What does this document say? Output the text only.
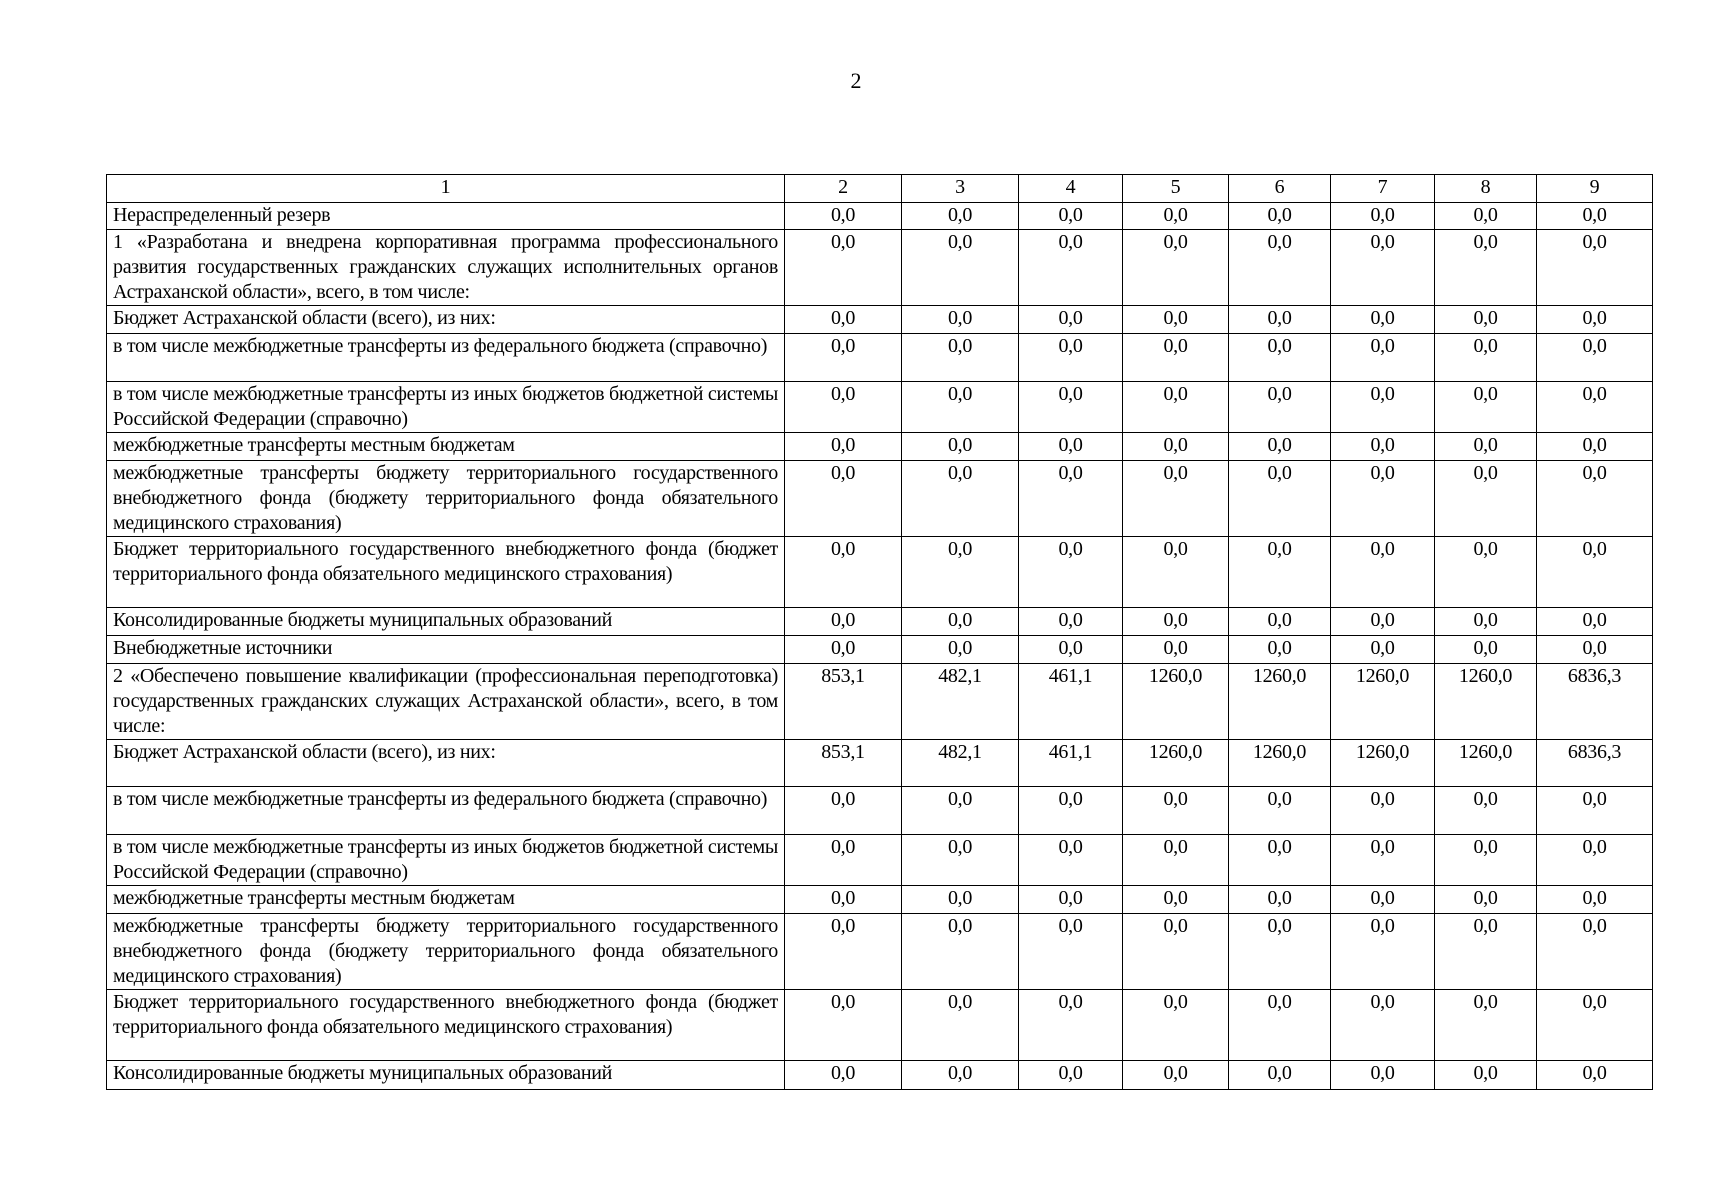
2
1	2	3	4	5	6	7	8	9
Нераспределенный резерв	0,0	0,0	0,0	0,0	0,0	0,0	0,0	0,0
1 «Разработана и внедрена корпоративная программа профессионального развития государственных гражданских служащих исполнительных органов Астраханской области», всего, в том числе:	0,0	0,0	0,0	0,0	0,0	0,0	0,0	0,0
Бюджет Астраханской области (всего), из них:	0,0	0,0	0,0	0,0	0,0	0,0	0,0	0,0
в том числе межбюджетные трансферты из федерального бюджета (справочно)	0,0	0,0	0,0	0,0	0,0	0,0	0,0	0,0
в том числе межбюджетные трансферты из иных бюджетов бюджетной системы Российской Федерации (справочно)	0,0	0,0	0,0	0,0	0,0	0,0	0,0	0,0
межбюджетные трансферты местным бюджетам	0,0	0,0	0,0	0,0	0,0	0,0	0,0	0,0
межбюджетные трансферты бюджету территориального государственного внебюджетного фонда (бюджету территориального фонда обязательного медицинского страхования)	0,0	0,0	0,0	0,0	0,0	0,0	0,0	0,0
Бюджет территориального государственного внебюджетного фонда (бюджет территориального фонда обязательного медицинского страхования)	0,0	0,0	0,0	0,0	0,0	0,0	0,0	0,0
Консолидированные бюджеты муниципальных образований	0,0	0,0	0,0	0,0	0,0	0,0	0,0	0,0
Внебюджетные источники	0,0	0,0	0,0	0,0	0,0	0,0	0,0	0,0
2 «Обеспечено повышение квалификации (профессиональная переподготовка) государственных гражданских служащих Астраханской области», всего, в том числе:	853,1	482,1	461,1	1260,0	1260,0	1260,0	1260,0	6836,3
Бюджет Астраханской области (всего), из них:	853,1	482,1	461,1	1260,0	1260,0	1260,0	1260,0	6836,3
в том числе межбюджетные трансферты из федерального бюджета (справочно)	0,0	0,0	0,0	0,0	0,0	0,0	0,0	0,0
в том числе межбюджетные трансферты из иных бюджетов бюджетной системы Российской Федерации (справочно)	0,0	0,0	0,0	0,0	0,0	0,0	0,0	0,0
межбюджетные трансферты местным бюджетам	0,0	0,0	0,0	0,0	0,0	0,0	0,0	0,0
межбюджетные трансферты бюджету территориального государственного внебюджетного фонда (бюджету территориального фонда обязательного медицинского страхования)	0,0	0,0	0,0	0,0	0,0	0,0	0,0	0,0
Бюджет территориального государственного внебюджетного фонда (бюджет территориального фонда обязательного медицинского страхования)	0,0	0,0	0,0	0,0	0,0	0,0	0,0	0,0
Консолидированные бюджеты муниципальных образований	0,0	0,0	0,0	0,0	0,0	0,0	0,0	0,0
